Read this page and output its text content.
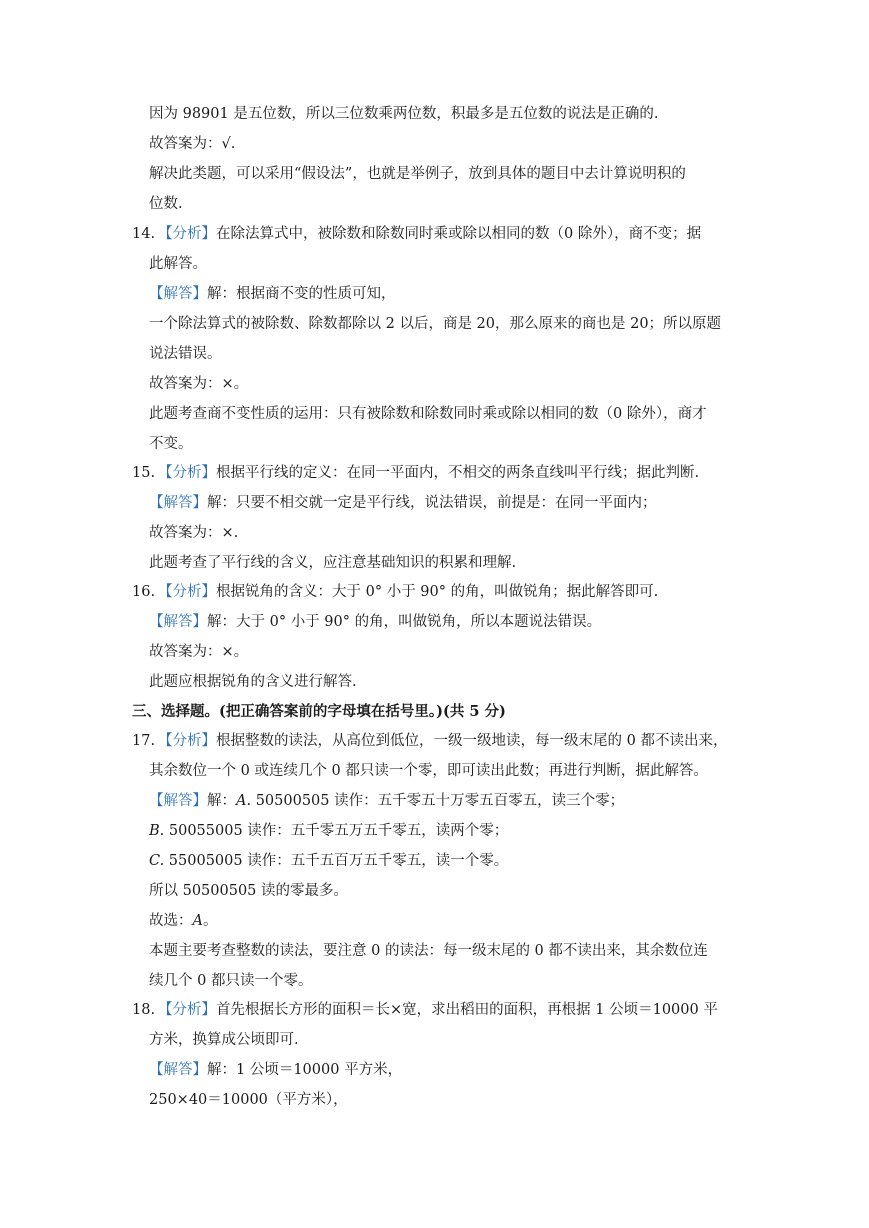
因为 98901 是五位数，所以三位数乘两位数，积最多是五位数的说法是正确的.
故答案为：√.
解决此类题，可以采用“假设法”，也就是举例子，放到具体的题目中去计算说明积的
位数.
14. 【分析】在除法算式中，被除数和除数同时乘或除以相同的数（0 除外），商不变；据
此解答。
【解答】解：根据商不变的性质可知，
一个除法算式的被除数、除数都除以 2 以后，商是 20，那么原来的商也是 20；所以原题
说法错误。
故答案为：×。
此题考查商不变性质的运用：只有被除数和除数同时乘或除以相同的数（0 除外），商才
不变。
15. 【分析】根据平行线的定义：在同一平面内，不相交的两条直线叫平行线；据此判断.
【解答】解：只要不相交就一定是平行线，说法错误，前提是：在同一平面内；
故答案为：×.
此题考查了平行线的含义，应注意基础知识的积累和理解.
16. 【分析】根据锐角的含义：大于 0° 小于 90° 的角，叫做锐角；据此解答即可.
【解答】解：大于 0° 小于 90° 的角，叫做锐角，所以本题说法错误。
故答案为：×。
此题应根据锐角的含义进行解答.
三、选择题。(把正确答案前的字母填在括号里。)(共 5 分)
17. 【分析】根据整数的读法，从高位到低位，一级一级地读，每一级末尾的 0 都不读出来，
其余数位一个 0 或连续几个 0 都只读一个零，即可读出此数；再进行判断，据此解答。
【解答】解：A. 50500505 读作：五千零五十万零五百零五，读三个零；
B. 50055005 读作：五千零五万五千零五，读两个零；
C. 55005005 读作：五千五百万五千零五，读一个零。
所以 50500505 读的零最多。
故选：A。
本题主要考查整数的读法，要注意 0 的读法：每一级末尾的 0 都不读出来，其余数位连
续几个 0 都只读一个零。
18. 【分析】首先根据长方形的面积＝长×宽，求出稻田的面积，再根据 1 公顷＝10000 平
方米，换算成公顷即可.
【解答】解：1 公顷＝10000 平方米，
250×40＝10000（平方米），
